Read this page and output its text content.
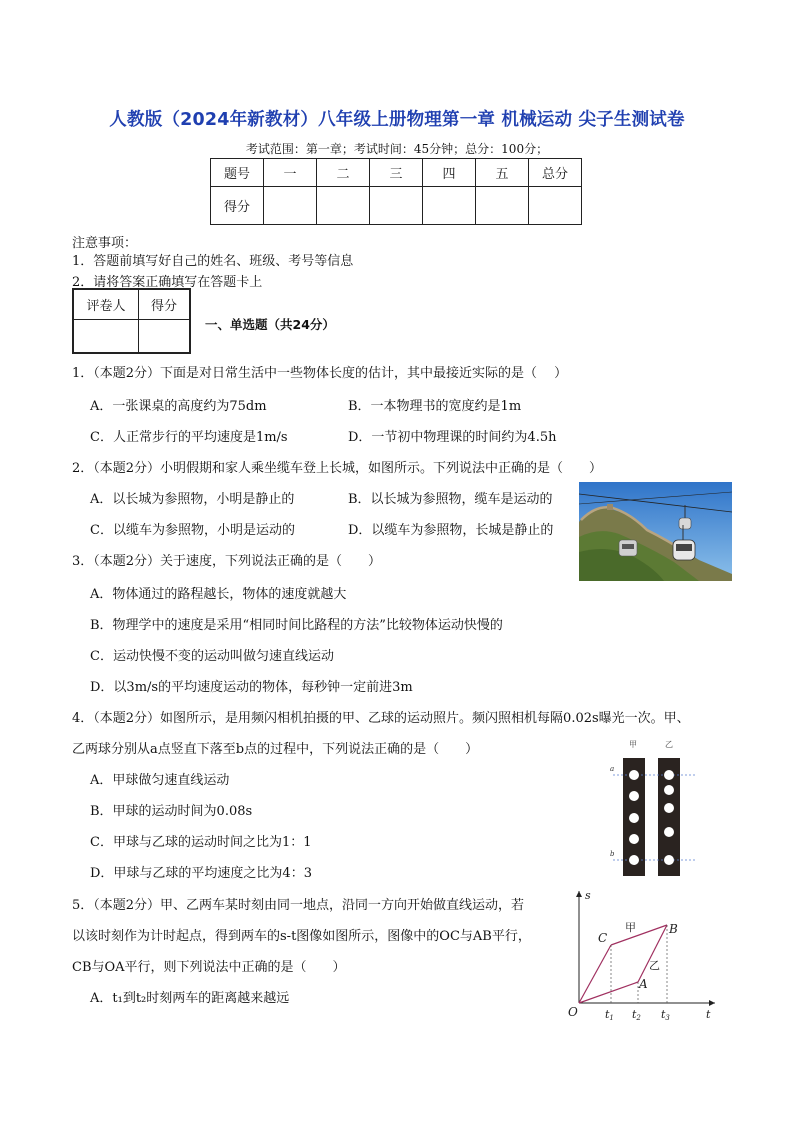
人教版（2024年新教材）八年级上册物理第一章 机械运动 尖子生测试卷
考试范围：第一章；考试时间：45分钟；总分：100分；
题号	一	二	三	四	五	总分
得分						
注意事项：
1．答题前填写好自己的姓名、班级、考号等信息
2．请将答案正确填写在答题卡上
评卷人	得分

一、单选题（共24分）
1．（本题2分）下面是对日常生活中一些物体长度的估计，其中最接近实际的是（　 ）
A．一张课桌的高度约为75dm	B．一本物理书的宽度约是1m
C．人正常步行的平均速度是1m/s	D．一节初中物理课的时间约为4.5h
2．（本题2分）小明假期和家人乘坐缆车登上长城，如图所示。下列说法中正确的是（　　）
A．以长城为参照物，小明是静止的	B．以长城为参照物，缆车是运动的
C．以缆车为参照物，小明是运动的	D．以缆车为参照物，长城是静止的
3．（本题2分）关于速度，下列说法正确的是（　　）
A．物体通过的路程越长，物体的速度就越大
B．物理学中的速度是采用“相同时间比路程的方法”比较物体运动快慢的
C．运动快慢不变的运动叫做匀速直线运动
D．以3m/s的平均速度运动的物体，每秒钟一定前进3m
4．（本题2分）如图所示，是用频闪相机拍摄的甲、乙球的运动照片。频闪照相机每隔0.02s曝光一次。甲、
乙两球分别从a点竖直下落至b点的过程中，下列说法正确的是（　　）
A．甲球做匀速直线运动
B．甲球的运动时间为0.08s
C．甲球与乙球的运动时间之比为1：1
D．甲球与乙球的平均速度之比为4：3
甲	乙
a
b
5．（本题2分）甲、乙两车某时刻由同一地点，沿同一方向开始做直线运动，若
以该时刻作为计时起点，得到两车的s-t图像如图所示，图像中的OC与AB平行，
CB与OA平行，则下列说法中正确的是（　　）
A．t₁到t₂时刻两车的距离越来越远
s
t
O
C
B
A
甲
乙
t1 t2 t3
